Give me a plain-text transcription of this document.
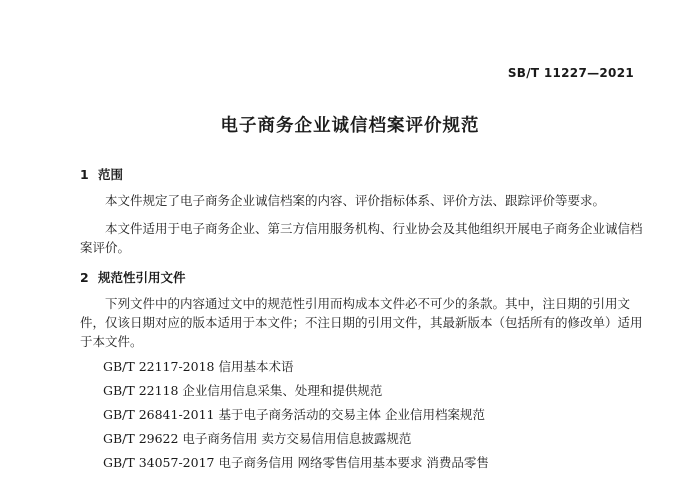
SB/T 11227—2021
电子商务企业诚信档案评价规范
1 范围
本文件规定了电子商务企业诚信档案的内容、评价指标体系、评价方法、跟踪评价等要求。
本文件适用于电子商务企业、第三方信用服务机构、行业协会及其他组织开展电子商务企业诚信档案评价。
2 规范性引用文件
下列文件中的内容通过文中的规范性引用而构成本文件必不可少的条款。其中，注日期的引用文件，仅该日期对应的版本适用于本文件；不注日期的引用文件，其最新版本（包括所有的修改单）适用于本文件。
GB/T 22117-2018 信用基本术语
GB/T 22118 企业信用信息采集、处理和提供规范
GB/T 26841-2011 基于电子商务活动的交易主体 企业信用档案规范
GB/T 29622 电子商务信用 卖方交易信用信息披露规范
GB/T 34057-2017 电子商务信用 网络零售信用基本要求 消费品零售
